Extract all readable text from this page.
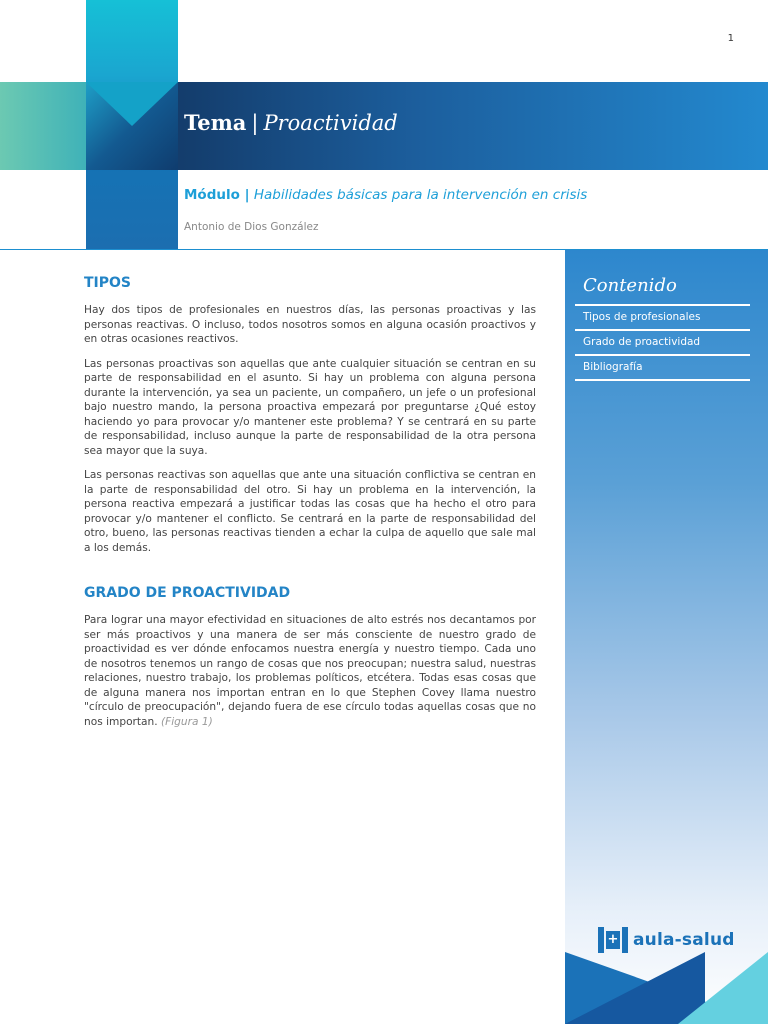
1
Tema | Proactividad
Módulo | Habilidades básicas para la intervención en crisis
Antonio de Dios González
Contenido
Tipos de profesionales
Grado de proactividad
Bibliografía
+ aula-salud
TIPOS

Hay dos tipos de profesionales en nuestros días, las personas proactivas y las personas reactivas. O incluso, todos nosotros somos en alguna ocasión proactivos y en otras ocasiones reactivos.

Las personas proactivas son aquellas que ante cualquier situación se centran en su parte de responsabilidad en el asunto. Si hay un problema con alguna persona durante la intervención, ya sea un paciente, un compañero, un jefe o un profesional bajo nuestro mando, la persona proactiva empezará por preguntarse ¿Qué estoy haciendo yo para provocar y/o mantener este problema? Y se centrará en su parte de responsabilidad, incluso aunque la parte de responsabilidad de la otra persona sea mayor que la suya.

Las personas reactivas son aquellas que ante una situación conflictiva se centran en la parte de responsabilidad del otro. Si hay un problema en la intervención, la persona reactiva empezará a justificar todas las cosas que ha hecho el otro para provocar y/o mantener el conflicto. Se centrará en la parte de responsabilidad del otro, bueno, las personas reactivas tienden a echar la culpa de aquello que sale mal a los demás.

GRADO DE PROACTIVIDAD

Para lograr una mayor efectividad en situaciones de alto estrés nos decantamos por ser más proactivos y una manera de ser más consciente de nuestro grado de proactividad es ver dónde enfocamos nuestra energía y nuestro tiempo. Cada uno de nosotros tenemos un rango de cosas que nos preocupan; nuestra salud, nuestras relaciones, nuestro trabajo, los problemas políticos, etcétera. Todas esas cosas que de alguna manera nos importan entran en lo que Stephen Covey llama nuestro "círculo de preocupación", dejando fuera de ese círculo todas aquellas cosas que no nos importan. (Figura 1)
